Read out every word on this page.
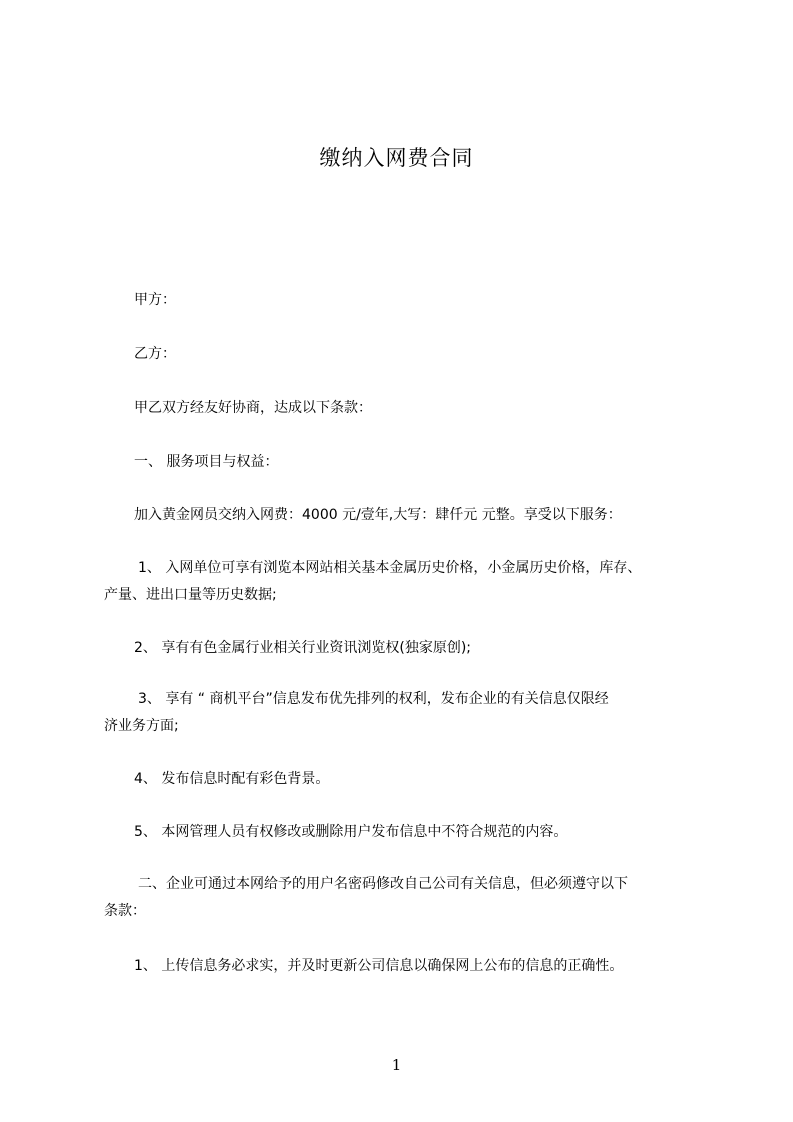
缴纳入网费合同
甲方：
乙方：
甲乙双方经友好协商，达成以下条款：
一、 服务项目与权益：
加入黄金网员交纳入网费：4000 元/壹年,大写：肆仟元 元整。享受以下服务：
1、 入网单位可享有浏览本网站相关基本金属历史价格，小金属历史价格，库存、
产量、进出口量等历史数据;
2、 享有有色金属行业相关行业资讯浏览权(独家原创);
3、 享有 “ 商机平台”信息发布优先排列的权利，发布企业的有关信息仅限经
济业务方面;
4、 发布信息时配有彩色背景。
5、 本网管理人员有权修改或删除用户发布信息中不符合规范的内容。
二、企业可通过本网给予的用户名密码修改自己公司有关信息，但必须遵守以下
条款：
1、 上传信息务必求实，并及时更新公司信息以确保网上公布的信息的正确性。
1
